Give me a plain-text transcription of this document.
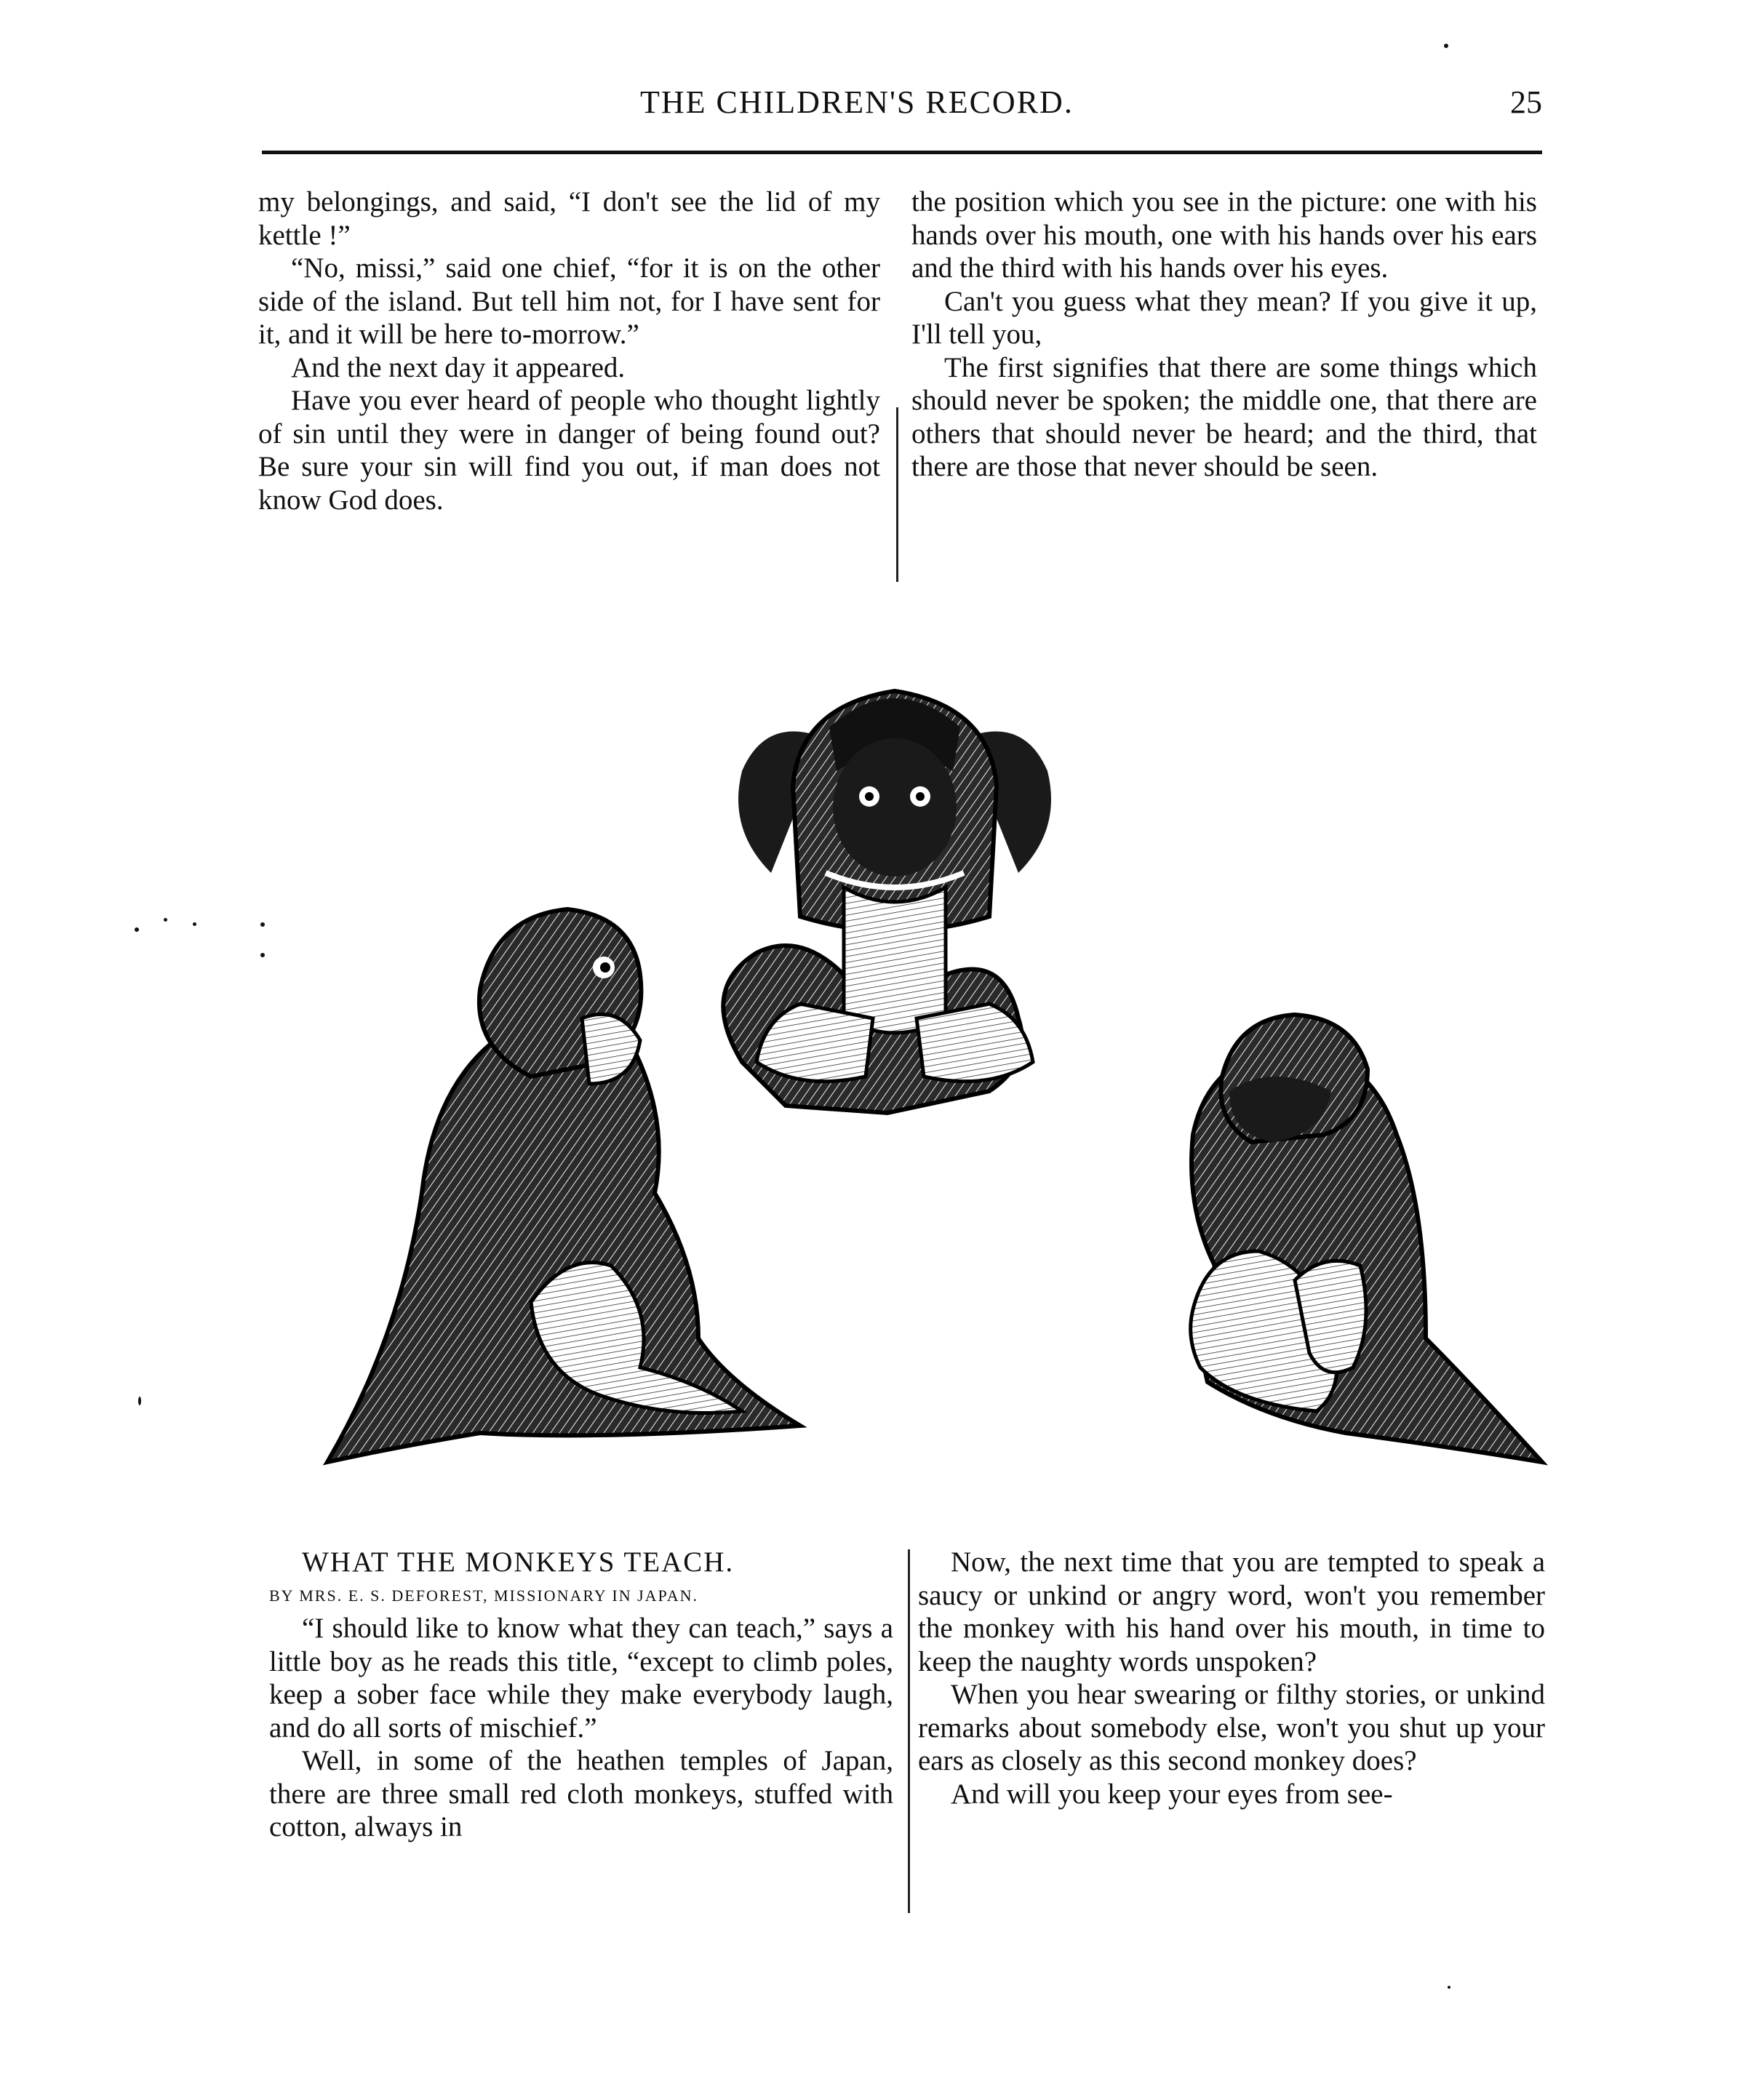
THE CHILDREN'S RECORD.	25

my belongings, and said, “I don't see the lid of my kettle !”

“No, missi,” said one chief, “for it is on the other side of the island. But tell him not, for I have sent for it, and it will be here to-morrow.”

And the next day it appeared.

Have you ever heard of people who thought lightly of sin until they were in danger of being found out? Be sure your sin will find you out, if man does not know God does.

the position which you see in the picture: one with his hands over his mouth, one with his hands over his ears and the third with his hands over his eyes.

Can't you guess what they mean? If you give it up, I'll tell you,

The first signifies that there are some things which should never be spoken; the middle one, that there are others that should never be heard; and the third, that there are those that never should be seen.

WHAT THE MONKEYS TEACH.

BY MRS. E. S. DEFOREST, MISSIONARY IN JAPAN.

“I should like to know what they can teach,” says a little boy as he reads this title, “except to climb poles, keep a sober face while they make everybody laugh, and do all sorts of mischief.”

Well, in some of the heathen temples of Japan, there are three small red cloth monkeys, stuffed with cotton, always in

Now, the next time that you are tempted to speak a saucy or unkind or angry word, won't you remember the monkey with his hand over his mouth, in time to keep the naughty words unspoken?

When you hear swearing or filthy stories, or unkind remarks about somebody else, won't you shut up your ears as closely as this second monkey does?

And will you keep your eyes from see-
